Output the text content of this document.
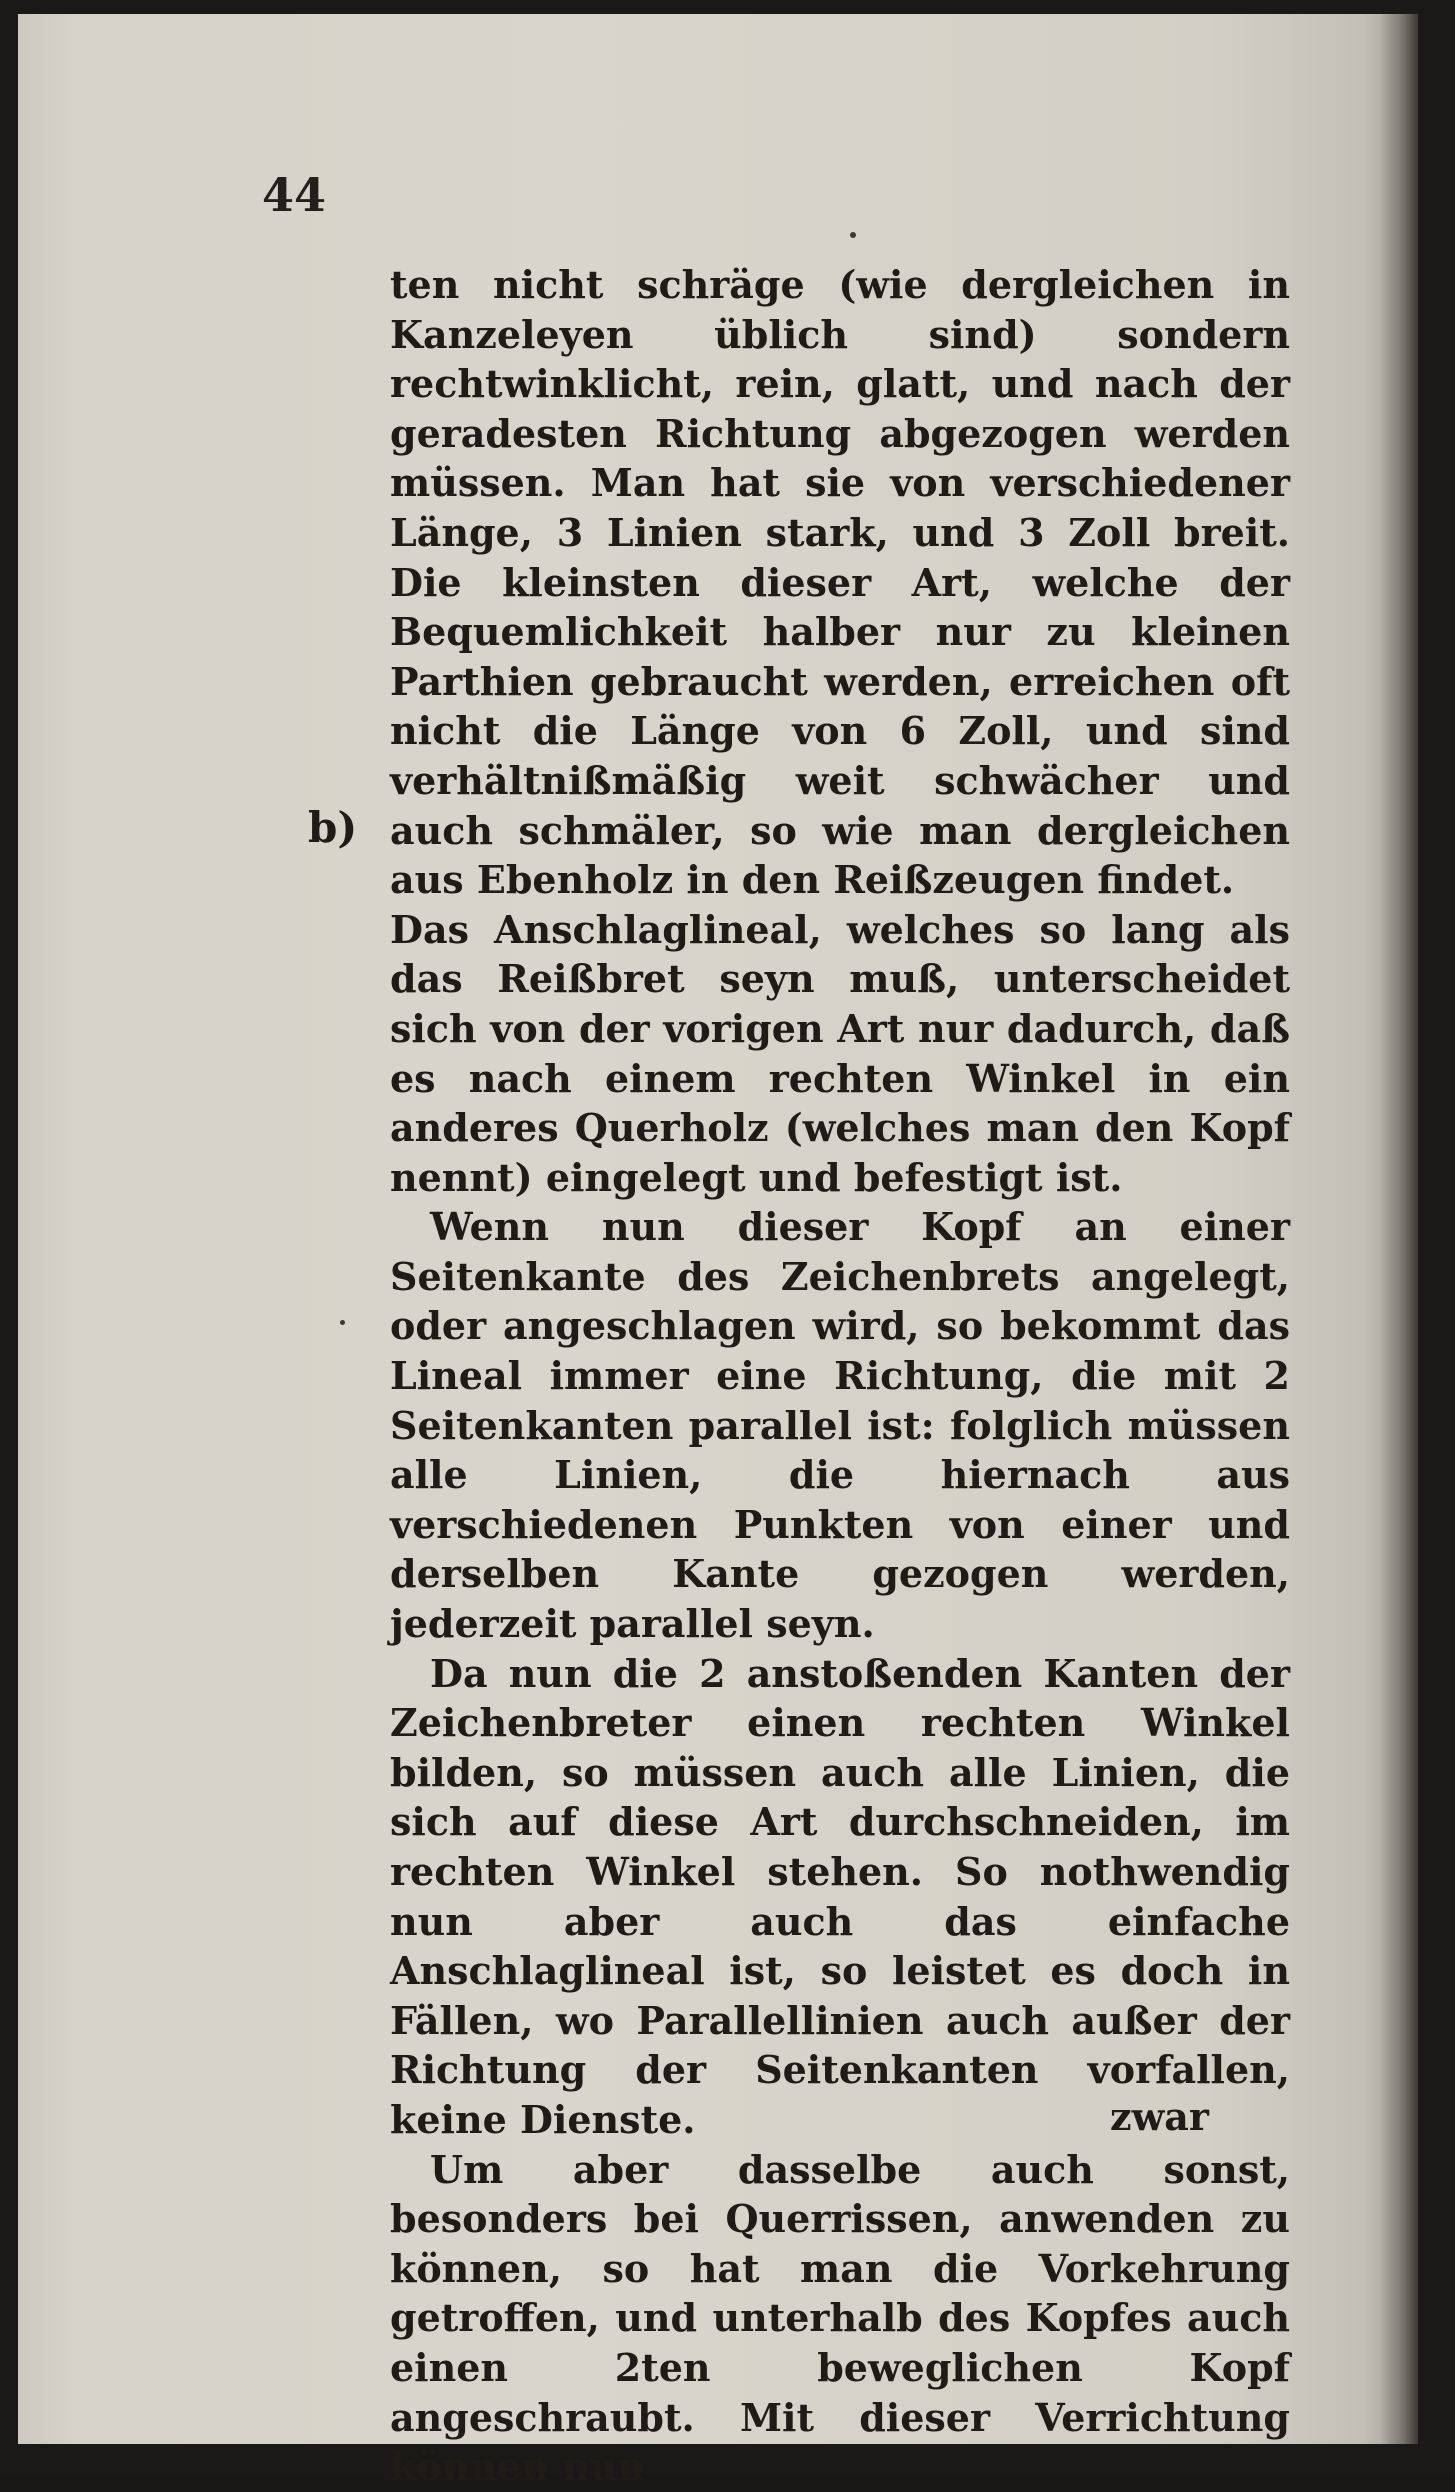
44

ten nicht schräge (wie dergleichen in Kanzeleyen üblich sind) sondern rechtwinklicht, rein, glatt, und nach der geradesten Richtung abgezogen werden müssen. Man hat sie von verschiedener Länge, 3 Linien stark, und 3 Zoll breit. Die kleinsten dieser Art, welche der Bequemlichkeit halber nur zu kleinen Parthien gebraucht werden, erreichen oft nicht die Länge von 6 Zoll, und sind verhältnißmäßig weit schwächer und auch schmäler, so wie man dergleichen aus Ebenholz in den Reißzeugen findet.

Das Anschlaglineal, welches so lang als das Reißbret seyn muß, unterscheidet sich von der vorigen Art nur dadurch, daß es nach einem rechten Winkel in ein anderes Querholz (welches man den Kopf nennt) eingelegt und befestigt ist.

Wenn nun dieser Kopf an einer Seitenkante des Zeichenbrets angelegt, oder angeschlagen wird, so bekommt das Lineal immer eine Richtung, die mit 2 Seitenkanten parallel ist: folglich müssen alle Linien, die hiernach aus verschiedenen Punkten von einer und derselben Kante gezogen werden, jederzeit parallel seyn.

Da nun die 2 anstoßenden Kanten der Zeichenbreter einen rechten Winkel bilden, so müssen auch alle Linien, die sich auf diese Art durchschneiden, im rechten Winkel stehen. So nothwendig nun aber auch das einfache Anschlaglineal ist, so leistet es doch in Fällen, wo Parallellinien auch außer der Richtung der Seitenkanten vorfallen, keine Dienste.

Um aber dasselbe auch sonst, besonders bei Querrissen, anwenden zu können, so hat man die Vorkehrung getroffen, und unterhalb des Kopfes auch einen 2ten beweglichen Kopf angeschraubt. Mit dieser Verrichtung können nun

b)
zwar
